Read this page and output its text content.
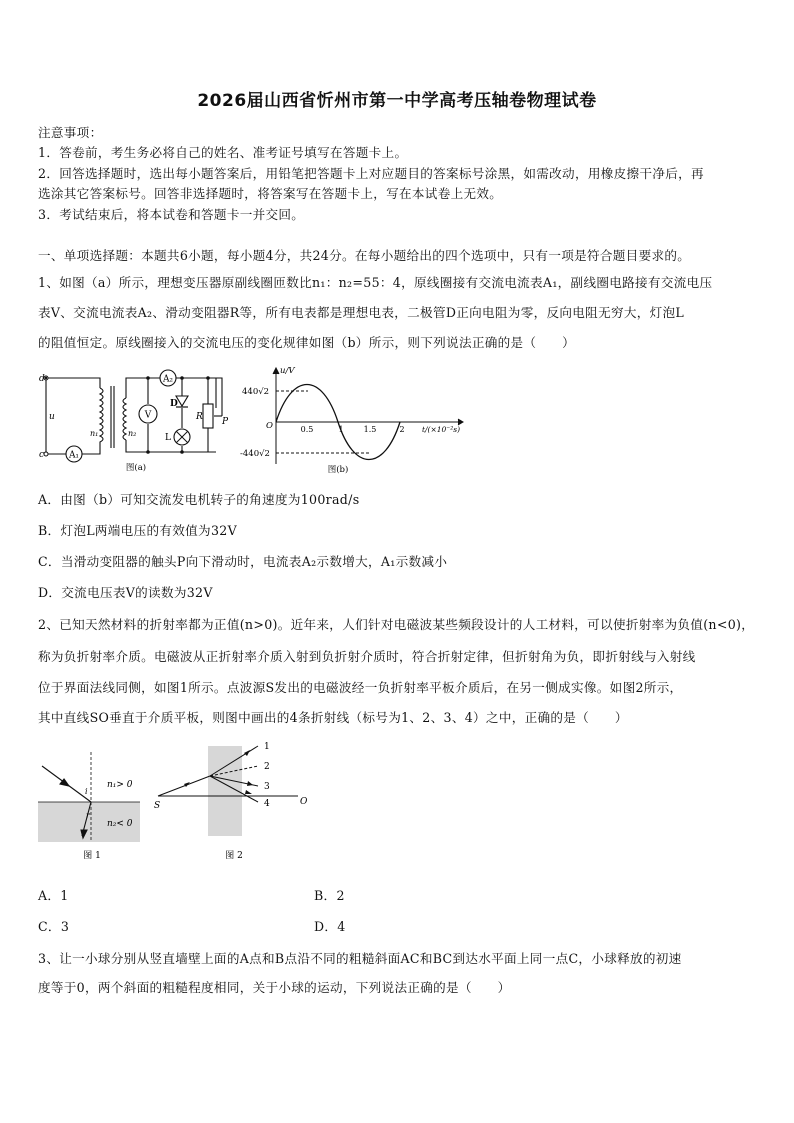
2026届山西省忻州市第一中学高考压轴卷物理试卷
注意事项：
1．答卷前，考生务必将自己的姓名、准考证号填写在答题卡上。
2．回答选择题时，选出每小题答案后，用铅笔把答题卡上对应题目的答案标号涂黑，如需改动，用橡皮擦干净后，再
选涂其它答案标号。回答非选择题时，将答案写在答题卡上，写在本试卷上无效。
3．考试结束后，将本试卷和答题卡一并交回。
一、单项选择题：本题共6小题，每小题4分，共24分。在每小题给出的四个选项中，只有一项是符合题目要求的。
1、如图（a）所示，理想变压器原副线圈匝数比n₁：n₂=55：4，原线圈接有交流电流表A₁，副线圈电路接有交流电压
表V、交流电流表A₂、滑动变阻器R等，所有电表都是理想电表，二极管D正向电阻为零，反向电阻无穷大，灯泡L
的阻值恒定。原线圈接入的交流电压的变化规律如图（b）所示，则下列说法正确的是（　　）
A₁
A₂
V
d
c
u
n₁	n₂
D
L
R P
图(a)
u/V
440√2
-440√2
O	0.5	1	1.5	2 t/(×10⁻²s)
图(b)
A．由图（b）可知交流发电机转子的角速度为100rad/s
B．灯泡L两端电压的有效值为32V
C．当滑动变阻器的触头P向下滑动时，电流表A₂示数增大，A₁示数减小
D．交流电压表V的读数为32V
2、已知天然材料的折射率都为正值(n>0)。近年来，人们针对电磁波某些频段设计的人工材料，可以使折射率为负值(n<0)，
称为负折射率介质。电磁波从正折射率介质入射到负折射介质时，符合折射定律，但折射角为负，即折射线与入射线
位于界面法线同侧，如图1所示。点波源S发出的电磁波经一负折射率平板介质后，在另一侧成实像。如图2所示，
其中直线SO垂直于介质平板，则图中画出的4条折射线（标号为1、2、3、4）之中，正确的是（　　）
n₁> 0
n₂< 0
i
r
图 1
1
2
3
4
S	O
图 2
A．1	B．2
C．3	D．4
3、让一小球分别从竖直墙壁上面的A点和B点沿不同的粗糙斜面AC和BC到达水平面上同一点C，小球释放的初速
度等于0，两个斜面的粗糙程度相同，关于小球的运动，下列说法正确的是（　　）
